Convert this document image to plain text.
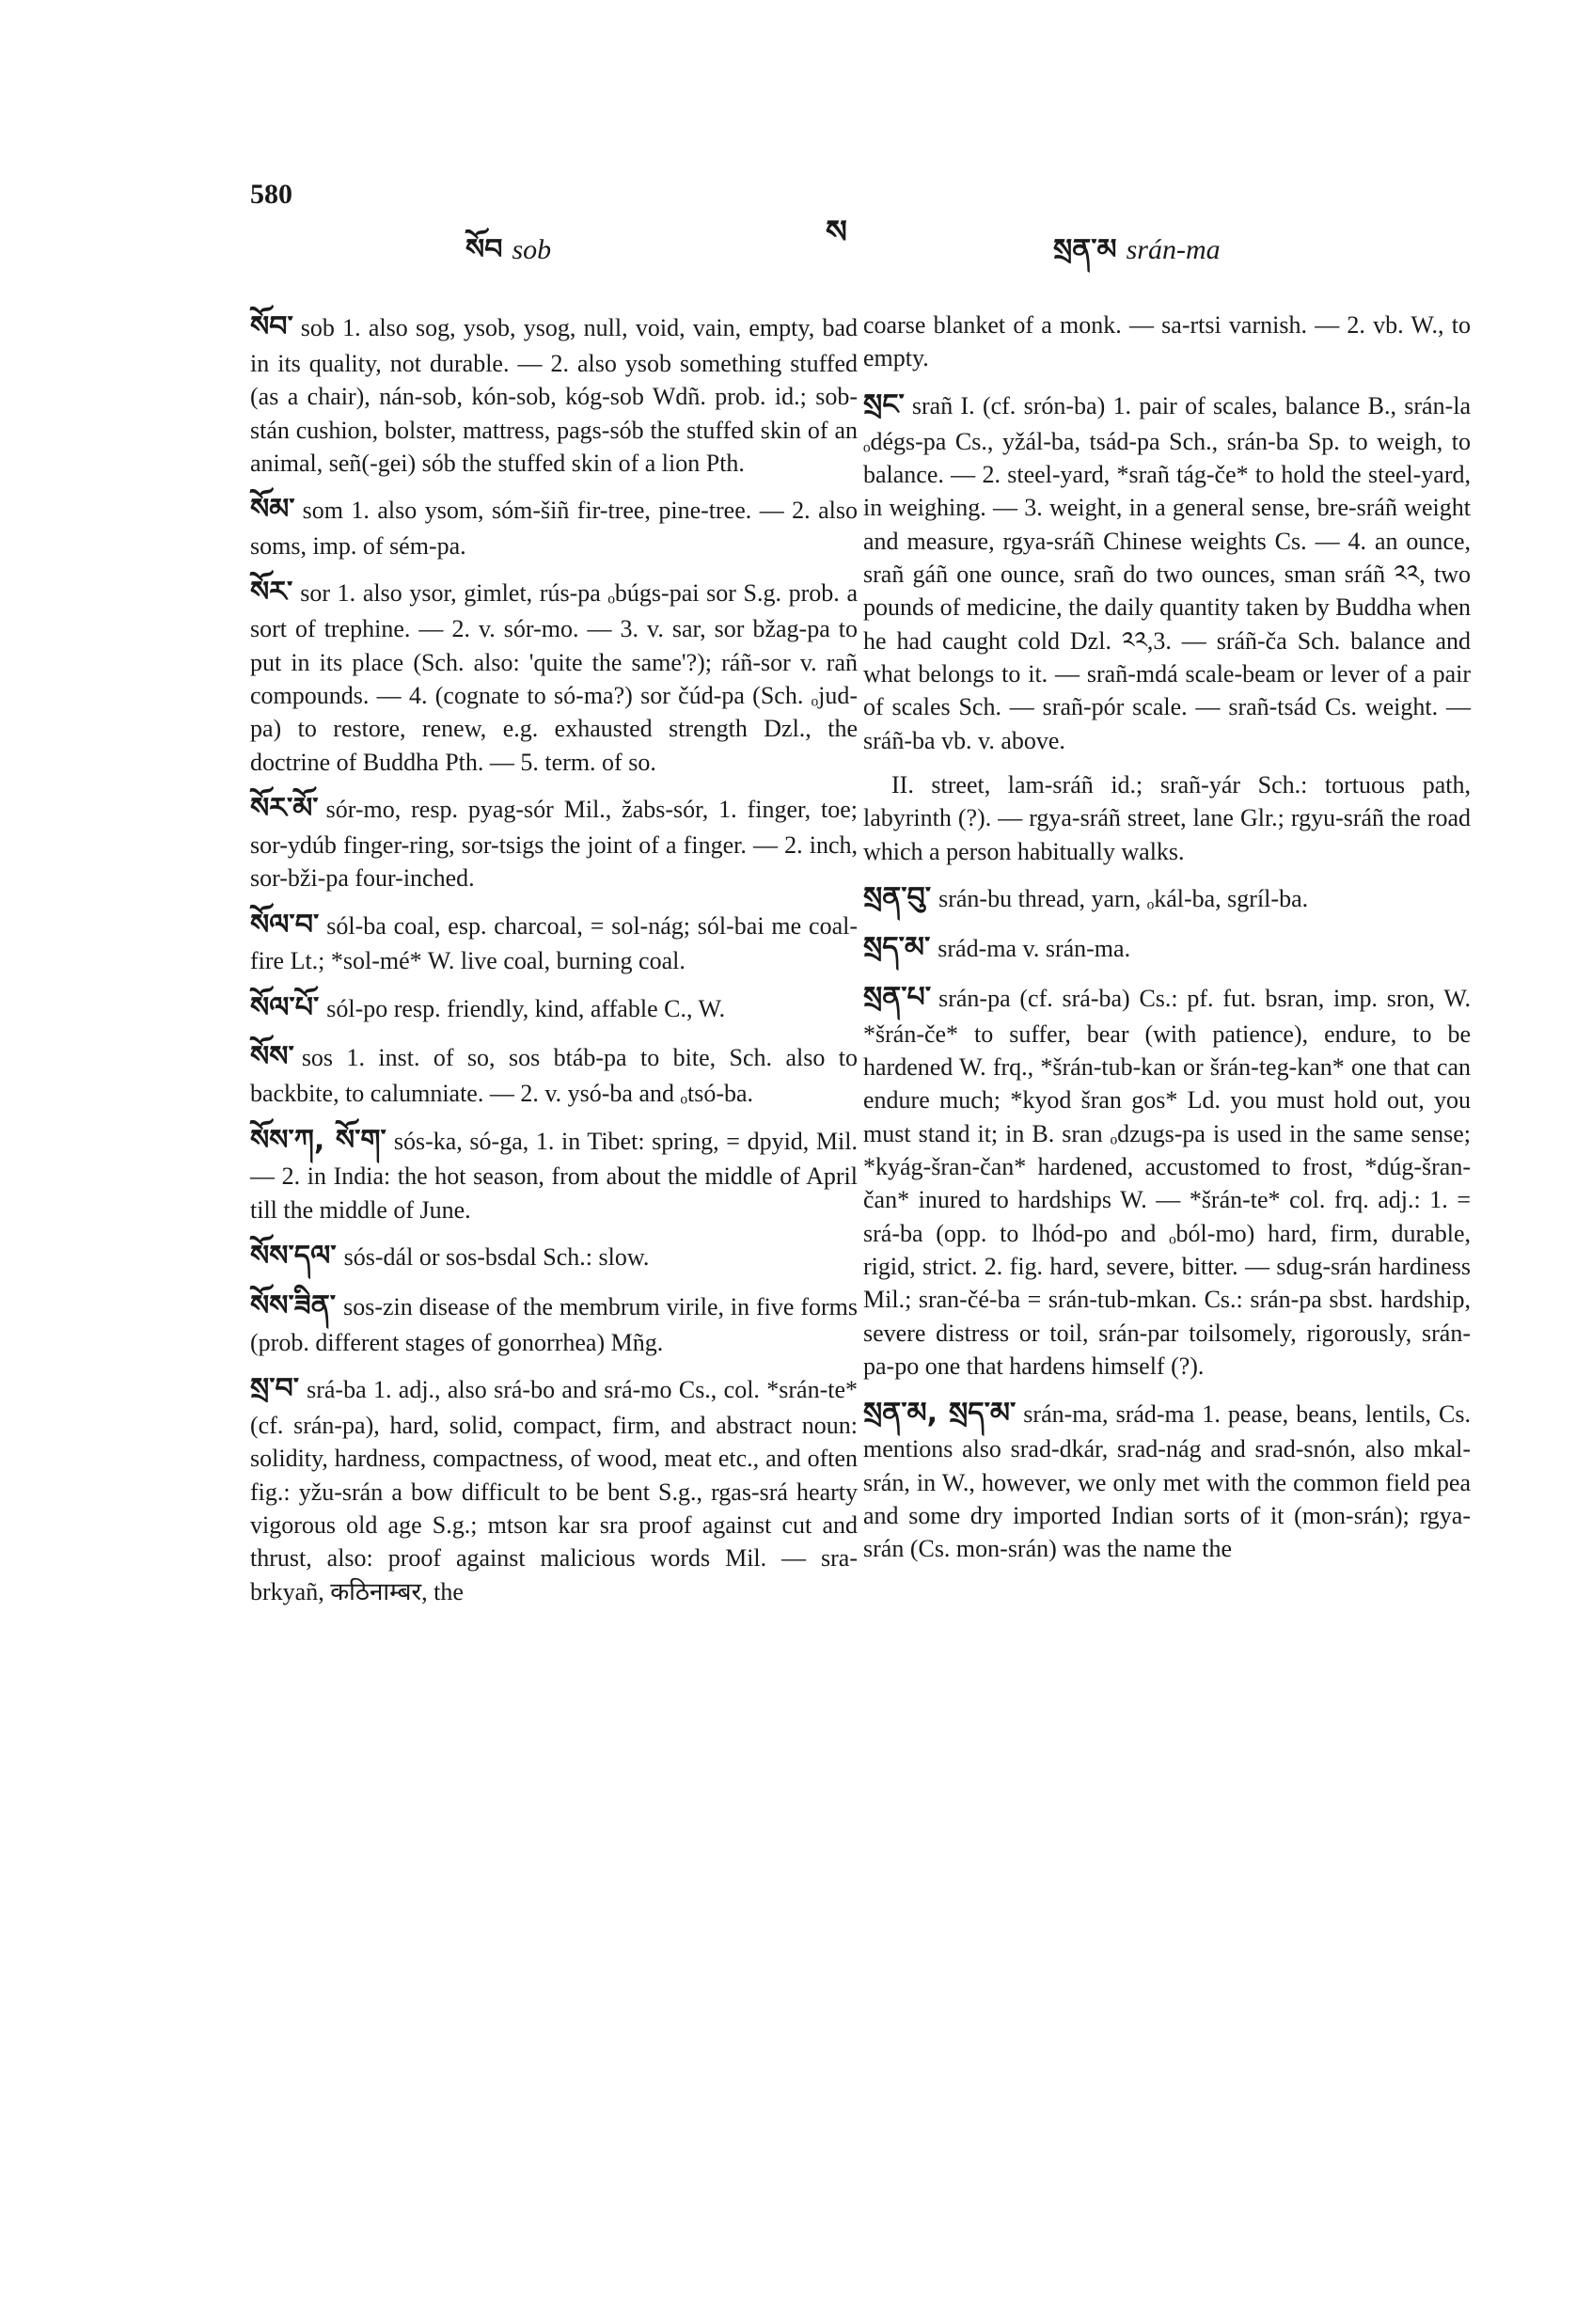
580
སོབ sob	ས	སྲན་མ srán-ma

སོབ་ sob 1. also sog, ysob, ysog, null, void, vain, empty, bad in its quality, not durable. — 2. also ysob something stuffed (as a chair), nán-sob, kón-sob, kóg-sob Wdñ. prob. id.; sob-stán cushion, bolster, mattress, pags-sób the stuffed skin of an animal, señ(-gei) sób the stuffed skin of a lion Pth.

སོམ་ som 1. also ysom, sóm-šiñ fir-tree, pine-tree. — 2. also soms, imp. of sém-pa.

སོར་ sor 1. also ysor, gimlet, rús-pa ₒbúgs-pai sor S.g. prob. a sort of trephine. — 2. v. sór-mo. — 3. v. sar, sor bžag-pa to put in its place (Sch. also: 'quite the same'?); ráñ-sor v. rañ compounds. — 4. (cognate to só-ma?) sor čúd-pa (Sch. ₒjud-pa) to restore, renew, e.g. exhausted strength Dzl., the doctrine of Buddha Pth. — 5. term. of so.

སོར་མོ་ sór-mo, resp. pyag-sór Mil., žabs-sór, 1. finger, toe; sor-ydúb finger-ring, sor-tsigs the joint of a finger. — 2. inch, sor-bži-pa four-inched.

སོལ་བ་ sól-ba coal, esp. charcoal, = sol-nág; sól-bai me coal-fire Lt.; *sol-mé* W. live coal, burning coal.

སོལ་པོ་ sól-po resp. friendly, kind, affable C., W.

སོས་ sos 1. inst. of so, sos btáb-pa to bite, Sch. also to backbite, to calumniate. — 2. v. ysó-ba and ₒtsó-ba.

སོས་ཀ, སོ་ག་ sós-ka, só-ga, 1. in Tibet: spring, = dpyid, Mil. — 2. in India: the hot season, from about the middle of April till the middle of June.

སོས་དལ་ sós-dál or sos-bsdal Sch.: slow.

སོས་ཟིན་ sos-zin disease of the membrum virile, in five forms (prob. different stages of gonorrhea) Mñg.

སྲ་བ་ srá-ba 1. adj., also srá-bo and srá-mo Cs., col. *srán-te* (cf. srán-pa), hard, solid, compact, firm, and abstract noun: solidity, hardness, compactness, of wood, meat etc., and often fig.: yžu-srán a bow difficult to be bent S.g., rgas-srá hearty vigorous old age S.g.; mtson kar sra proof against cut and thrust, also: proof against malicious words Mil. — sra-brkyañ, कठिनाम्बर, the

coarse blanket of a monk. — sa-rtsi varnish. — 2. vb. W., to empty.

སྲང་ srañ I. (cf. srón-ba) 1. pair of scales, balance B., srán-la ₒdégs-pa Cs., yžál-ba, tsád-pa Sch., srán-ba Sp. to weigh, to balance. — 2. steel-yard, *srañ tág-če* to hold the steel-yard, in weighing. — 3. weight, in a general sense, bre-sráñ weight and measure, rgya-sráñ Chinese weights Cs. — 4. an ounce, srañ gáñ one ounce, srañ do two ounces, sman sráñ ༢༢, two pounds of medicine, the daily quantity taken by Buddha when he had caught cold Dzl. ༢༢,3. — sráñ-ča Sch. balance and what belongs to it. — srañ-mdá scale-beam or lever of a pair of scales Sch. — srañ-pór scale. — srañ-tsád Cs. weight. — sráñ-ba vb. v. above.

II. street, lam-sráñ id.; srañ-yár Sch.: tortuous path, labyrinth (?). — rgya-sráñ street, lane Glr.; rgyu-sráñ the road which a person habitually walks.

སྲན་བུ་ srán-bu thread, yarn, ₒkál-ba, sgríl-ba.

སྲད་མ་ srád-ma v. srán-ma.

སྲན་པ་ srán-pa (cf. srá-ba) Cs.: pf. fut. bsran, imp. sron, W. *šrán-če* to suffer, bear (with patience), endure, to be hardened W. frq., *šrán-tub-kan or šrán-teg-kan* one that can endure much; *kyod šran gos* Ld. you must hold out, you must stand it; in B. sran ₒdzugs-pa is used in the same sense; *kyág-šran-čan* hardened, accustomed to frost, *dúg-šran-čan* inured to hardships W. — *šrán-te* col. frq. adj.: 1. = srá-ba (opp. to lhód-po and ₒból-mo) hard, firm, durable, rigid, strict. 2. fig. hard, severe, bitter. — sdug-srán hardiness Mil.; sran-čé-ba = srán-tub-mkan. Cs.: srán-pa sbst. hardship, severe distress or toil, srán-par toilsomely, rigorously, srán-pa-po one that hardens himself (?).

སྲན་མ, སྲད་མ་ srán-ma, srád-ma 1. pease, beans, lentils, Cs. mentions also srad-dkár, srad-nág and srad-snón, also mkal-srán, in W., however, we only met with the common field pea and some dry imported Indian sorts of it (mon-srán); rgya-srán (Cs. mon-srán) was the name the
